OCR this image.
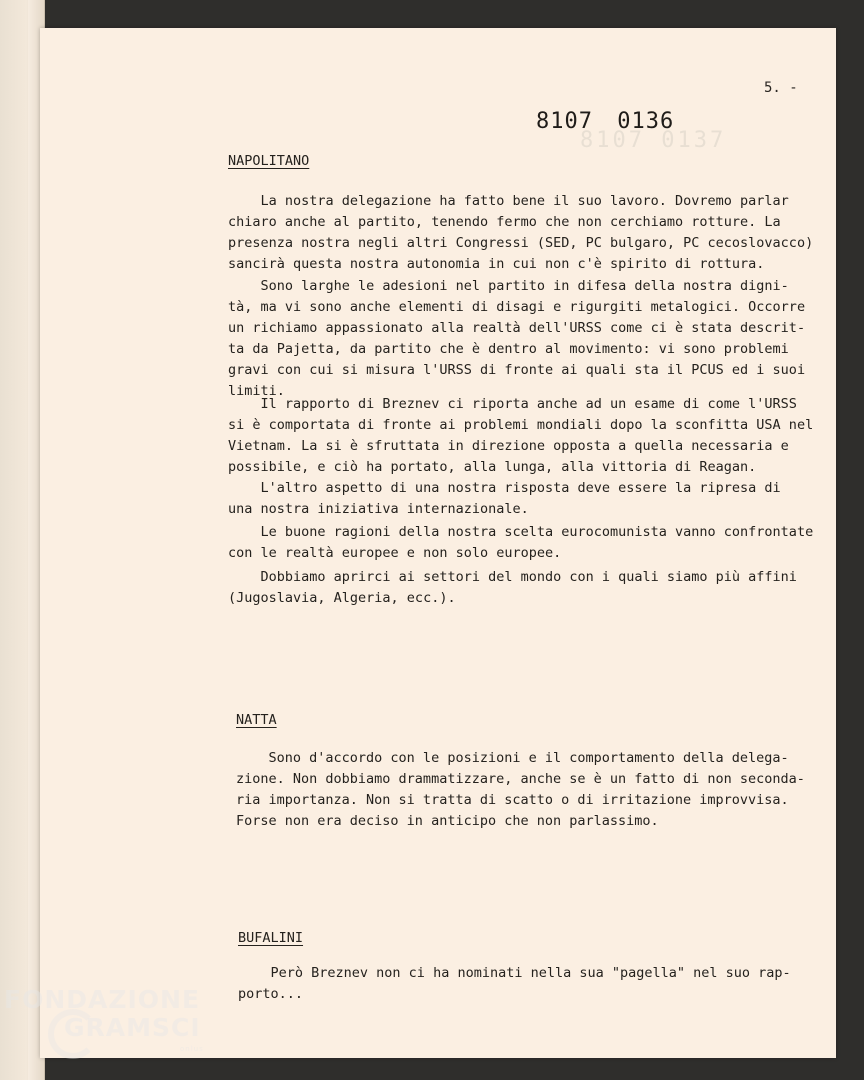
8107 0137
5. -
8107 0136
NAPOLITANO
La nostra delegazione ha fatto bene il suo lavoro. Dovremo parlar
chiaro anche al partito, tenendo fermo che non cerchiamo rotture. La
presenza nostra negli altri Congressi (SED, PC bulgaro, PC cecoslovacco)
sancirà questa nostra autonomia in cui non c'è spirito di rottura.
Sono larghe le adesioni nel partito in difesa della nostra digni-
tà, ma vi sono anche elementi di disagi e rigurgiti metalogici. Occorre
un richiamo appassionato alla realtà dell'URSS come ci è stata descrit-
ta da Pajetta, da partito che è dentro al movimento: vi sono problemi
gravi con cui si misura l'URSS di fronte ai quali sta il PCUS ed i suoi
limiti.
Il rapporto di Breznev ci riporta anche ad un esame di come l'URSS
si è comportata di fronte ai problemi mondiali dopo la sconfitta USA nel
Vietnam. La si è sfruttata in direzione opposta a quella necessaria e
possibile, e ciò ha portato, alla lunga, alla vittoria di Reagan.
L'altro aspetto di una nostra risposta deve essere la ripresa di
una nostra iniziativa internazionale.
Le buone ragioni della nostra scelta eurocomunista vanno confrontate
con le realtà europee e non solo europee.
Dobbiamo aprirci ai settori del mondo con i quali siamo più affini
(Jugoslavia, Algeria, ecc.).
NATTA
Sono d'accordo con le posizioni e il comportamento della delega-
zione. Non dobbiamo drammatizzare, anche se è un fatto di non seconda-
ria importanza. Non si tratta di scatto o di irritazione improvvisa.
Forse non era deciso in anticipo che non parlassimo.
BUFALINI
Però Breznev non ci ha nominati nella sua "pagella" nel suo rap-
porto...
FONDAZIONE
GRAMSCI
onlus
